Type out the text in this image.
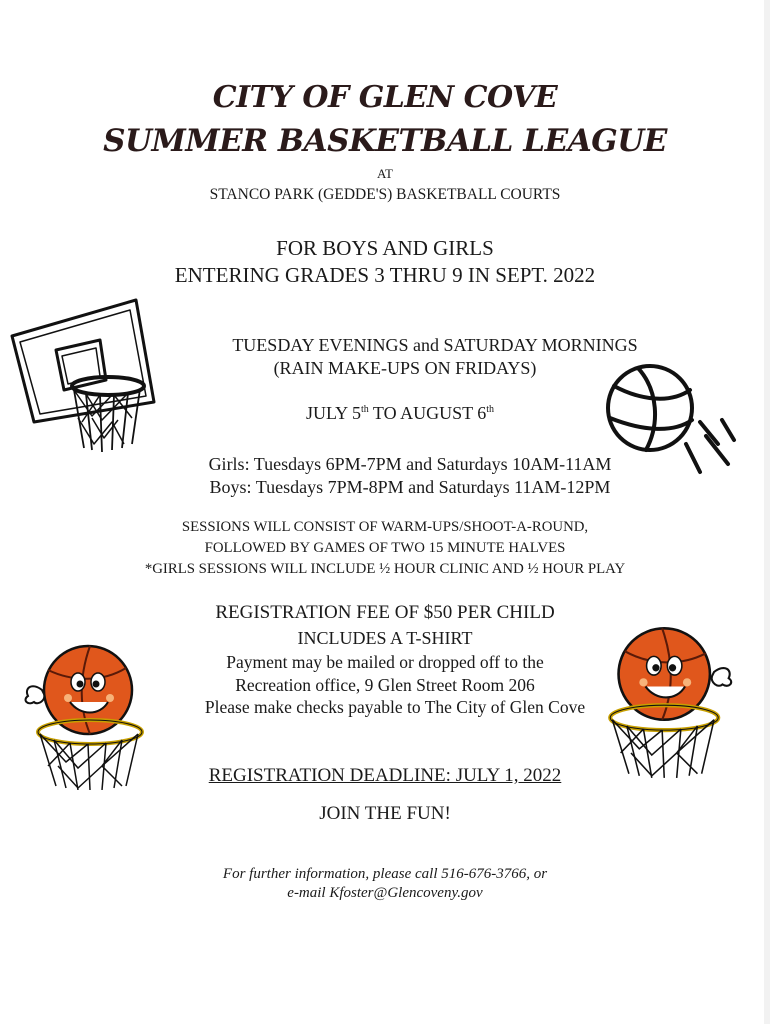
CITY OF GLEN COVE
SUMMER BASKETBALL LEAGUE
AT
STANCO PARK (GEDDE'S) BASKETBALL COURTS
FOR BOYS AND GIRLS
ENTERING GRADES 3 THRU 9 IN SEPT. 2022
TUESDAY EVENINGS and SATURDAY MORNINGS
(RAIN MAKE-UPS ON FRIDAYS)
JULY 5th TO AUGUST 6th
Girls: Tuesdays 6PM-7PM and Saturdays 10AM-11AM
Boys: Tuesdays 7PM-8PM and Saturdays 11AM-12PM
SESSIONS WILL CONSIST OF WARM-UPS/SHOOT-A-ROUND,
FOLLOWED BY GAMES OF TWO 15 MINUTE HALVES
*GIRLS SESSIONS WILL INCLUDE ½ HOUR CLINIC AND ½ HOUR PLAY
REGISTRATION FEE OF $50 PER CHILD
INCLUDES A T-SHIRT
Payment may be mailed or dropped off to the
Recreation office, 9 Glen Street Room 206
Please make checks payable to The City of Glen Cove
REGISTRATION DEADLINE: JULY 1, 2022
JOIN THE FUN!
For further information, please call 516-676-3766, or
e-mail Kfoster@Glencoveny.gov
